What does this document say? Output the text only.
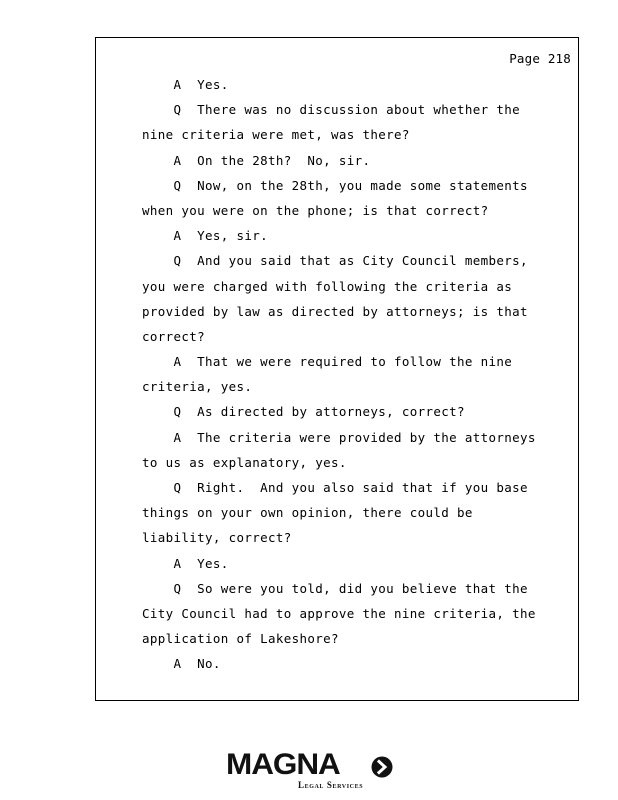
Page 218
A  Yes.
Q  There was no discussion about whether the
nine criteria were met, was there?
A  On the 28th?  No, sir.
Q  Now, on the 28th, you made some statements
when you were on the phone; is that correct?
A  Yes, sir.
Q  And you said that as City Council members,
you were charged with following the criteria as
provided by law as directed by attorneys; is that
correct?
A  That we were required to follow the nine
criteria, yes.
Q  As directed by attorneys, correct?
A  The criteria were provided by the attorneys
to us as explanatory, yes.
Q  Right.  And you also said that if you base
things on your own opinion, there could be
liability, correct?
A  Yes.
Q  So were you told, did you believe that the
City Council had to approve the nine criteria, the
application of Lakeshore?
A  No.
MAGNA
Legal Services
